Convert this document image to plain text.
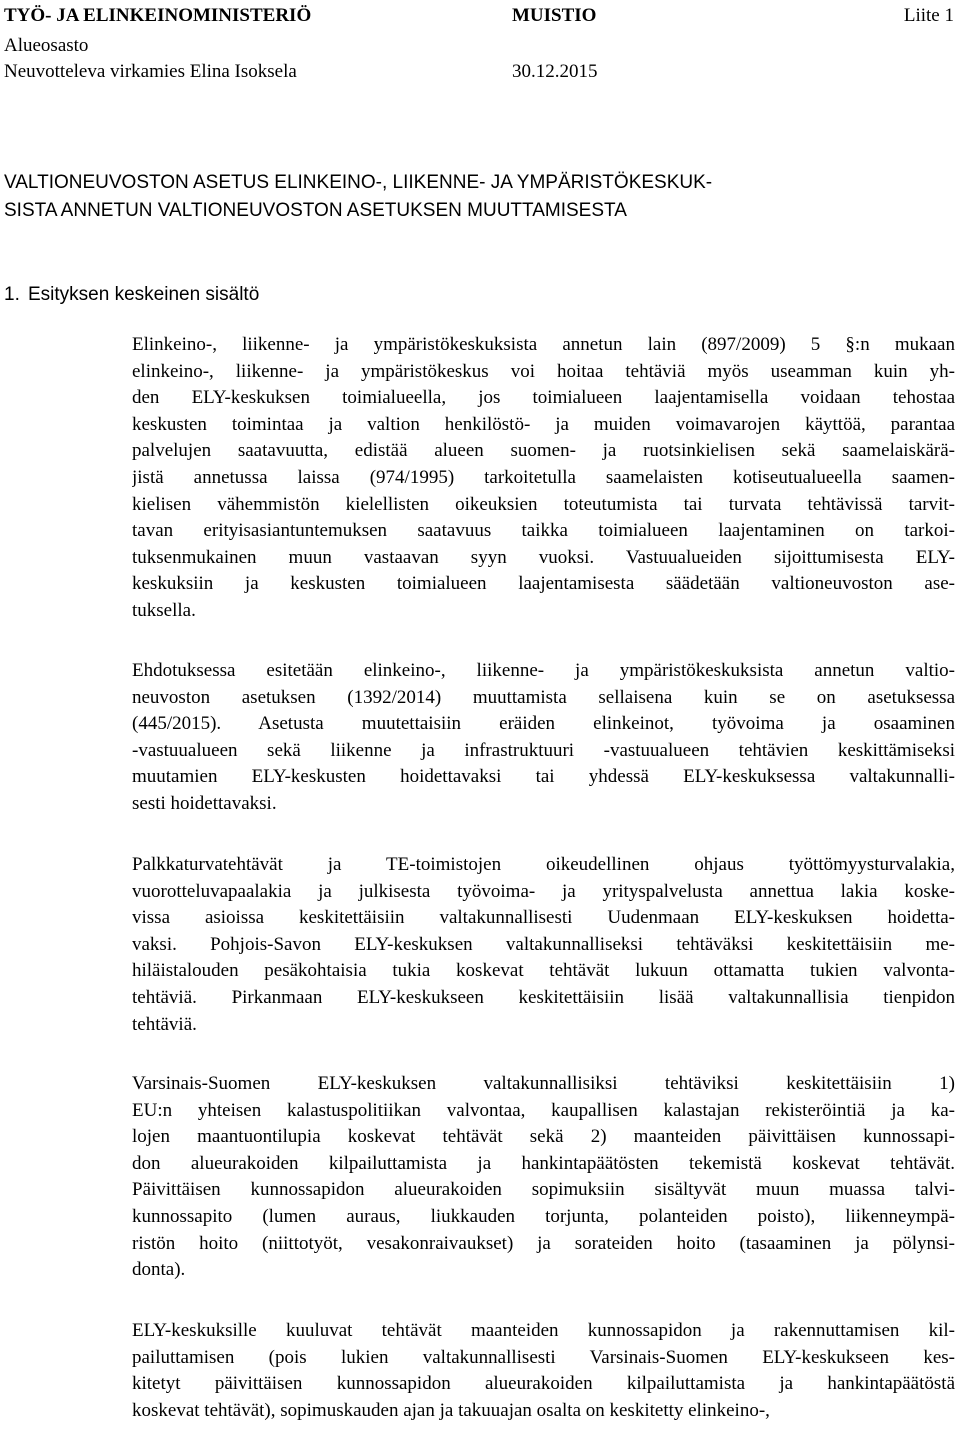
TYÖ- JA ELINKEINOMINISTERIÖ	MUISTIO	Liite 1
Alueosasto
Neuvotteleva virkamies Elina Isoksela	30.12.2015
VALTIONEUVOSTON ASETUS ELINKEINO-, LIIKENNE- JA YMPÄRISTÖKESKUK-
SISTA ANNETUN VALTIONEUVOSTON ASETUKSEN MUUTTAMISESTA
1. Esityksen keskeinen sisältö
Elinkeino-, liikenne- ja ympäristökeskuksista annetun lain (897/2009) 5 §:n mukaan
elinkeino-, liikenne- ja ympäristökeskus voi hoitaa tehtäviä myös useamman kuin yh-
den ELY-keskuksen toimialueella, jos toimialueen laajentamisella voidaan tehostaa
keskusten toimintaa ja valtion henkilöstö- ja muiden voimavarojen käyttöä, parantaa
palvelujen saatavuutta, edistää alueen suomen- ja ruotsinkielisen sekä saamelaiskärä-
jistä annetussa laissa (974/1995) tarkoitetulla saamelaisten kotiseutualueella saamen-
kielisen vähemmistön kielellisten oikeuksien toteutumista tai turvata tehtävissä tarvit-
tavan erityisasiantuntemuksen saatavuus taikka toimialueen laajentaminen on tarkoi-
tuksenmukainen muun vastaavan syyn vuoksi. Vastuualueiden sijoittumisesta ELY-
keskuksiin ja keskusten toimialueen laajentamisesta säädetään valtioneuvoston ase-
tuksella.
Ehdotuksessa esitetään elinkeino-, liikenne- ja ympäristökeskuksista annetun valtio-
neuvoston asetuksen (1392/2014) muuttamista sellaisena kuin se on asetuksessa
(445/2015). Asetusta muutettaisiin eräiden elinkeinot, työvoima ja osaaminen
-vastuualueen sekä liikenne ja infrastruktuuri -vastuualueen tehtävien keskittämiseksi
muutamien ELY-keskusten hoidettavaksi tai yhdessä ELY-keskuksessa valtakunnalli-
sesti hoidettavaksi.
Palkkaturvatehtävät ja TE-toimistojen oikeudellinen ohjaus työttömyysturvalakia,
vuorotteluvapaalakia ja julkisesta työvoima- ja yrityspalvelusta annettua lakia koske-
vissa asioissa keskitettäisiin valtakunnallisesti Uudenmaan ELY-keskuksen hoidetta-
vaksi. Pohjois-Savon ELY-keskuksen valtakunnalliseksi tehtäväksi keskitettäisiin me-
hiläistalouden pesäkohtaisia tukia koskevat tehtävät lukuun ottamatta tukien valvonta-
tehtäviä. Pirkanmaan ELY-keskukseen keskitettäisiin lisää valtakunnallisia tienpidon
tehtäviä.
Varsinais-Suomen ELY-keskuksen valtakunnallisiksi tehtäviksi keskitettäisiin 1)
EU:n yhteisen kalastuspolitiikan valvontaa, kaupallisen kalastajan rekisteröintiä ja ka-
lojen maantuontilupia koskevat tehtävät sekä 2) maanteiden päivittäisen kunnossapi-
don alueurakoiden kilpailuttamista ja hankintapäätösten tekemistä koskevat tehtävät.
Päivittäisen kunnossapidon alueurakoiden sopimuksiin sisältyvät muun muassa talvi-
kunnossapito (lumen auraus, liukkauden torjunta, polanteiden poisto), liikenneympä-
ristön hoito (niittotyöt, vesakonraivaukset) ja sorateiden hoito (tasaaminen ja pölynsi-
donta).
ELY-keskuksille kuuluvat tehtävät maanteiden kunnossapidon ja rakennuttamisen kil-
pailuttamisen (pois lukien valtakunnallisesti Varsinais-Suomen ELY-keskukseen kes-
kitetyt päivittäisen kunnossapidon alueurakoiden kilpailuttamista ja hankintapäätöstä
koskevat tehtävät), sopimuskauden ajan ja takuuajan osalta on keskitetty elinkeino-,
